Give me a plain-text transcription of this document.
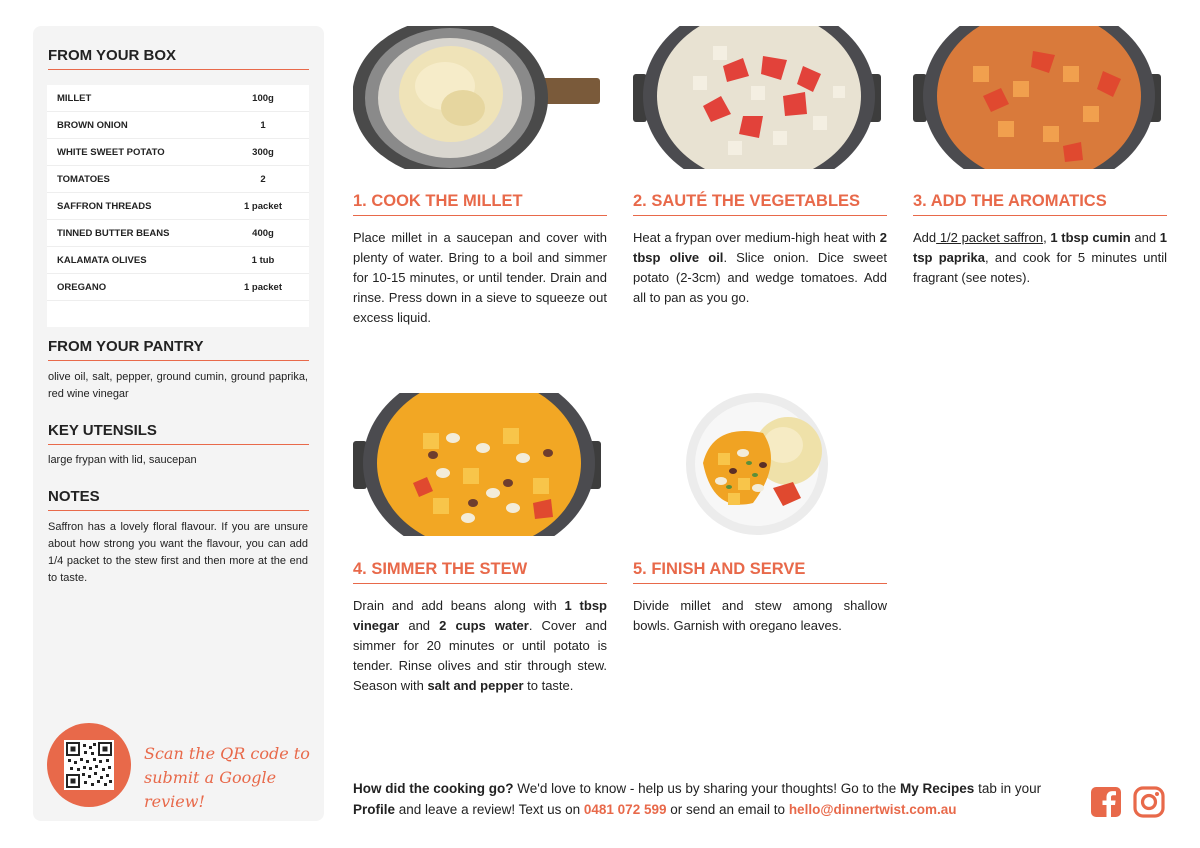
FROM YOUR BOX
MILLET	100g
BROWN ONION	1
WHITE SWEET POTATO	300g
TOMATOES	2
SAFFRON THREADS	1 packet
TINNED BUTTER BEANS	400g
KALAMATA OLIVES	1 tub
OREGANO	1 packet

FROM YOUR PANTRY

olive oil, salt, pepper, ground cumin, ground paprika, red wine vinegar

KEY UTENSILS

large frypan with lid, saucepan

NOTES

Saffron has a lovely floral flavour. If you are unsure about how strong you want the flavour, you can add 1/4 packet to the stew first and then more at the end to taste.

Scan the QR code to
submit a Google review!

1. COOK THE MILLET

Place millet in a saucepan and cover with plenty of water. Bring to a boil and simmer for 10-15 minutes, or until tender. Drain and rinse. Press down in a sieve to squeeze out excess liquid.

2. SAUTÉ THE VEGETABLES

Heat a frypan over medium-high heat with 2 tbsp olive oil. Slice onion. Dice sweet potato (2-3cm) and wedge tomatoes. Add all to pan as you go.

3. ADD THE AROMATICS

Add 1/2 packet saffron, 1 tbsp cumin and 1 tsp paprika, and cook for 5 minutes until fragrant (see notes).

4. SIMMER THE STEW

Drain and add beans along with 1 tbsp vinegar and 2 cups water. Cover and simmer for 20 minutes or until potato is tender. Rinse olives and stir through stew. Season with salt and pepper to taste.

5. FINISH AND SERVE

Divide millet and stew among shallow bowls. Garnish with oregano leaves.

How did the cooking go? We'd love to know - help us by sharing your thoughts! Go to the My Recipes tab in your Profile and leave a review! Text us on 0481 072 599 or send an email to hello@dinnertwist.com.au
